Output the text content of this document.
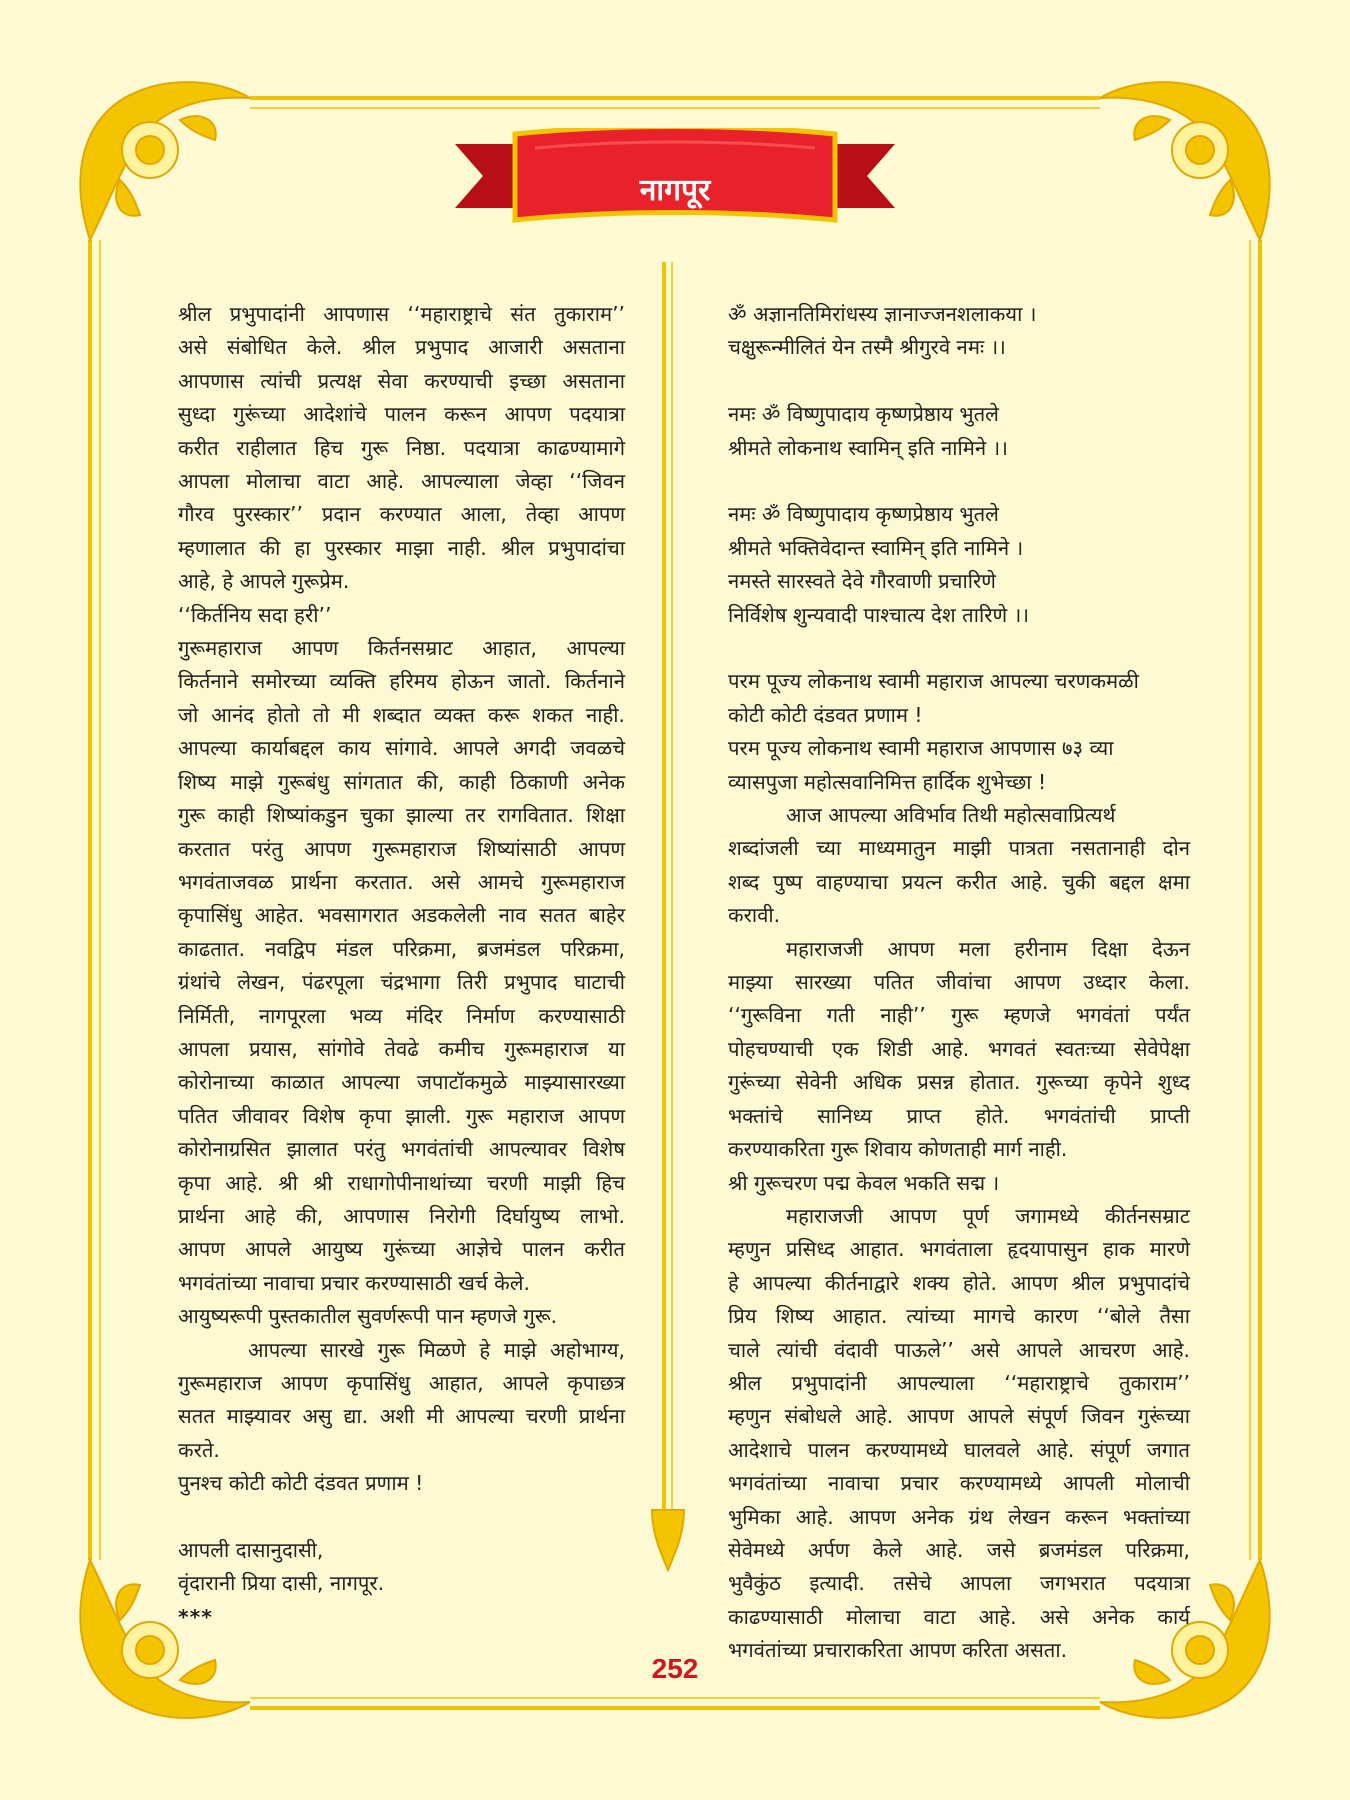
नागपूर

श्रील प्रभुपादांनी आपणास ‘‘महाराष्ट्राचे संत तुकाराम’’

असे संबोधित केले. श्रील प्रभुपाद आजारी असताना

आपणास त्यांची प्रत्यक्ष सेवा करण्याची इच्छा असताना

सुध्दा गुरूंच्या आदेशांचे पालन करून आपण पदयात्रा

करीत राहीलात हिच गुरू निष्ठा. पदयात्रा काढण्यामागे

आपला मोलाचा वाटा आहे. आपल्याला जेव्हा ‘‘जिवन

गौरव पुरस्कार’’ प्रदान करण्यात आला, तेव्हा आपण

म्हणालात की हा पुरस्कार माझा नाही. श्रील प्रभुपादांचा

आहे, हे आपले गुरूप्रेम.

‘‘किर्तनिय सदा हरी’’

गुरूमहाराज आपण किर्तनसम्राट आहात, आपल्या

किर्तनाने समोरच्या व्यक्ति हरिमय होऊन जातो. किर्तनाने

जो आनंद होतो तो मी शब्दात व्यक्त करू शकत नाही.

आपल्या कार्याबद्दल काय सांगावे. आपले अगदी जवळचे

शिष्य माझे गुरूबंधु सांगतात की, काही ठिकाणी अनेक

गुरू काही शिष्यांकडुन चुका झाल्या तर रागवितात. शिक्षा

करतात परंतु आपण गुरूमहाराज शिष्यांसाठी आपण

भगवंताजवळ प्रार्थना करतात. असे आमचे गुरूमहाराज

कृपासिंधु आहेत. भवसागरात अडकलेली नाव सतत बाहेर

काढतात. नवद्विप मंडल परिक्रमा, ब्रजमंडल परिक्रमा,

ग्रंथांचे लेखन, पंढरपूला चंद्रभागा तिरी प्रभुपाद घाटाची

निर्मिती, नागपूरला भव्य मंदिर निर्माण करण्यासाठी

आपला प्रयास, सांगोवे तेवढे कमीच गुरूमहाराज या

कोरोनाच्या काळात आपल्या जपाटॉकमुळे माझ्यासारख्या

पतित जीवावर विशेष कृपा झाली. गुरू महाराज आपण

कोरोनाग्रसित झालात परंतु भगवंतांची आपल्यावर विशेष

कृपा आहे. श्री श्री राधागोपीनाथांच्या चरणी माझी हिच

प्रार्थना आहे की, आपणास निरोगी दिर्घायुष्य लाभो.

आपण आपले आयुष्य गुरूंच्या आज्ञेचे पालन करीत

भगवंतांच्या नावाचा प्रचार करण्यासाठी खर्च केले.

आयुष्यरूपी पुस्तकातील सुवर्णरूपी पान म्हणजे गुरू.

आपल्या सारखे गुरू मिळणे हे माझे अहोभाग्य,

गुरूमहाराज आपण कृपासिंधु आहात, आपले कृपाछत्र

सतत माझ्यावर असु द्या. अशी मी आपल्या चरणी प्रार्थना

करते.

पुनश्च कोटी कोटी दंडवत प्रणाम !

आपली दासानुदासी,

वृंदारानी प्रिया दासी, नागपूर.

***

ॐ अज्ञानतिमिरांधस्य ज्ञानाज्जनशलाकया ।

चक्षुरून्मीलितं येन तस्मै श्रीगुरवे नमः ।।

नमः ॐ विष्णुपादाय कृष्णप्रेष्ठाय भुतले

श्रीमते लोकनाथ स्वामिन् इति नामिने ।।

नमः ॐ विष्णुपादाय कृष्णप्रेष्ठाय भुतले

श्रीमते भक्तिवेदान्त स्वामिन् इति नामिने ।

नमस्ते सारस्वते देवे गौरवाणी प्रचारिणे

निर्विशेष शुन्यवादी पाश्चात्य देश तारिणे ।।

परम पूज्य लोकनाथ स्वामी महाराज आपल्या चरणकमळी

कोटी कोटी दंडवत प्रणाम !

परम पूज्य लोकनाथ स्वामी महाराज आपणास ७३ व्या

व्यासपुजा महोत्सवानिमित्त हार्दिक शुभेच्छा !

आज आपल्या अविर्भाव तिथी महोत्सवाप्रित्यर्थ

शब्दांजली च्या माध्यमातुन माझी पात्रता नसतानाही दोन

शब्द पुष्प वाहण्याचा प्रयत्न करीत आहे. चुकी बद्दल क्षमा

करावी.

महाराजजी आपण मला हरीनाम दिक्षा देऊन

माझ्या सारख्या पतित जीवांचा आपण उध्दार केला.

‘‘गुरूविना गती नाही’’ गुरू म्हणजे भगवंतां पर्यंत

पोहचण्याची एक शिडी आहे. भगवतं स्वतःच्या सेवेपेक्षा

गुरूंच्या सेवेनी अधिक प्रसन्न होतात. गुरूच्या कृपेने शुध्द

भक्तांचे सानिध्य प्राप्त होते. भगवंतांची प्राप्ती

करण्याकरिता गुरू शिवाय कोणताही मार्ग नाही.

श्री गुरूचरण पद्म केवल भकति सद्म ।

महाराजजी आपण पूर्ण जगामध्ये कीर्तनसम्राट

म्हणुन प्रसिध्द आहात. भगवंताला हृदयापासुन हाक मारणे

हे आपल्या कीर्तनाद्वारे शक्य होते. आपण श्रील प्रभुपादांचे

प्रिय शिष्य आहात. त्यांच्या मागचे कारण ‘‘बोले तैसा

चाले त्यांची वंदावी पाऊले’’ असे आपले आचरण आहे.

श्रील प्रभुपादांनी आपल्याला ‘‘महाराष्ट्राचे तुकाराम’’

म्हणुन संबोधले आहे. आपण आपले संपूर्ण जिवन गुरूंच्या

आदेशाचे पालन करण्यामध्ये घालवले आहे. संपूर्ण जगात

भगवंतांच्या नावाचा प्रचार करण्यामध्ये आपली मोलाची

भुमिका आहे. आपण अनेक ग्रंथ लेखन करून भक्तांच्या

सेवेमध्ये अर्पण केले आहे. जसे ब्रजमंडल परिक्रमा,

भुवैकुंठ इत्यादी. तसेचे आपला जगभरात पदयात्रा

काढण्यासाठी मोलाचा वाटा आहे. असे अनेक कार्य

भगवंतांच्या प्रचाराकरिता आपण करिता असता.

252
